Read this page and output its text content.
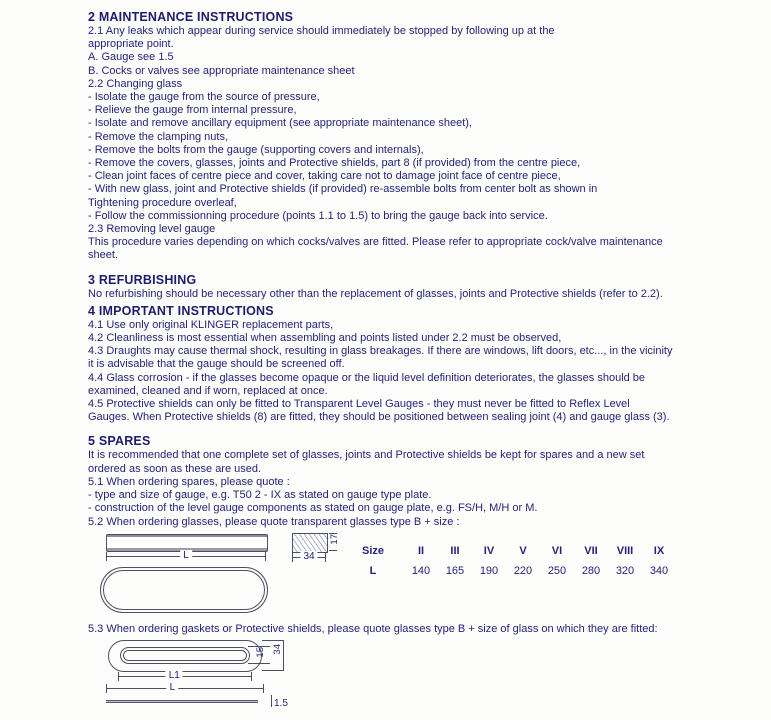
2 MAINTENANCE INSTRUCTIONS
2.1 Any leaks which appear during service should immediately be stopped by following up at the
appropriate point.
A. Gauge see 1.5
B. Cocks or valves see appropriate maintenance sheet
2.2 Changing glass
- Isolate the gauge from the source of pressure,
- Relieve the gauge from internal pressure,
- Isolate and remove ancillary equipment (see appropriate maintenance sheet),
- Remove the clamping nuts,
- Remove the bolts from the gauge (supporting covers and internals),
- Remove the covers, glasses, joints and Protective shields, part 8 (if provided) from the centre piece,
- Clean joint faces of centre piece and cover, taking care not to damage joint face of centre piece,
- With new glass, joint and Protective shields (if provided) re-assemble bolts from center bolt as shown in
Tightening procedure overleaf,
- Follow the commissionning procedure (points 1.1 to 1.5) to bring the gauge back into service.
2.3 Removing level gauge
This procedure varies depending on which cocks/valves are fitted. Please refer to appropriate cock/valve maintenance
sheet.
3 REFURBISHING
No refurbishing should be necessary other than the replacement of glasses, joints and Protective shields (refer to 2.2).
4 IMPORTANT INSTRUCTIONS
4.1 Use only original KLINGER replacement parts,
4.2 Cleanliness is most essential when assembling and points listed under 2.2 must be observed,
4.3 Draughts may cause thermal shock, resulting in glass breakages. If there are windows, lift doors, etc..., in the vicinity
it is advisable that the gauge should be screened off.
4.4 Glass corrosion - if the glasses become opaque or the liquid level definition deteriorates, the glasses should be
examined, cleaned and if worn, replaced at once.
4.5 Protective shields can only be fitted to Transparent Level Gauges - they must never be fitted to Reflex Level
Gauges. When Protective shields (8) are fitted, they should be positioned between sealing joint (4) and gauge glass (3).
5 SPARES
It is recommended that one complete set of glasses, joints and Protective shields be kept for spares and a new set
ordered as soon as these are used.
5.1 When ordering spares, please quote :
- type and size of gauge, e.g. T50 2 - IX as stated on gauge type plate.
- construction of the level gauge components as stated on gauge plate, e.g. FS/H, M/H or M.
5.2 When ordering glasses, please quote transparent glasses type B + size :
L	34
17
Size	II	III	IV	V	VI	VII	VIII	IX
L	140	165	190	220	250	280	320	340
5.3 When ordering gaskets or Protective shields, please quote glasses type B + size of glass on which they are fitted:
15 34
L1
L
1.5
